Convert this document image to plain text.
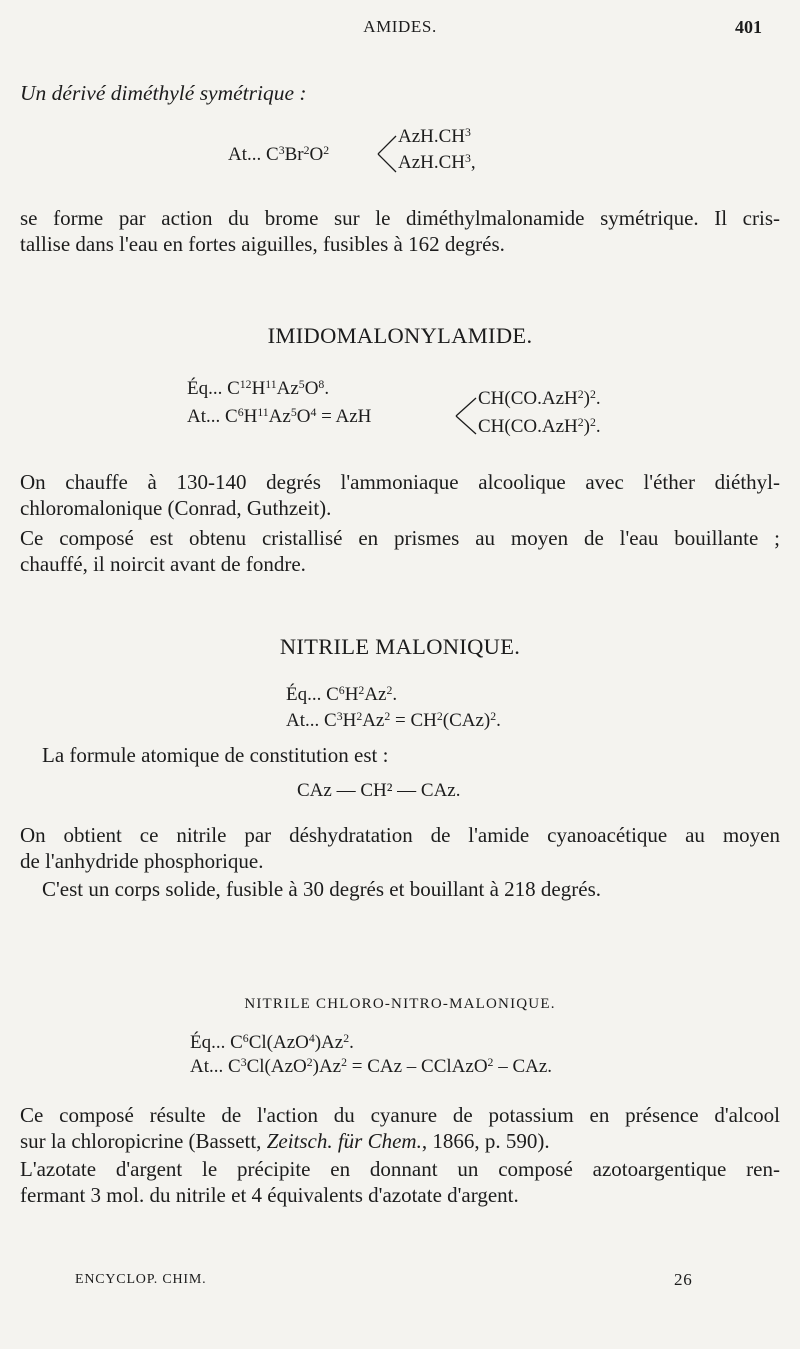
AMIDES.	401
Un dérivé diméthylé symétrique :
At... $C^3Br^2O^2$
$AzH.CH^3$
$AzH.CH^3$,
se forme par action du brome sur le diméthylmalonamide symétrique. Il cris-
tallise dans l'eau en fortes aiguilles, fusibles à 162 degrés.
IMIDOMALONYLAMIDE.
Éq... $C^{12}H^{11}Az^5O^8$.
At... $C^6H^{11}Az^5O^4$ = AzH
$CH(CO.AzH^2)^2$.
$CH(CO.AzH^2)^2$.
On chauffe à 130-140 degrés l'ammoniaque alcoolique avec l'éther diéthyl-
chloromalonique (Conrad, Guthzeit).
Ce composé est obtenu cristallisé en prismes au moyen de l'eau bouillante ;
chauffé, il noircit avant de fondre.
NITRILE MALONIQUE.
Éq... $C^6H^2Az^2$.
At... $C^3H^2Az^2 = CH^2(CAz)^2$.
La formule atomique de constitution est :
CAz — CH² — CAz.
On obtient ce nitrile par déshydratation de l'amide cyanoacétique au moyen
de l'anhydride phosphorique.
C'est un corps solide, fusible à 30 degrés et bouillant à 218 degrés.
NITRILE CHLORO-NITRO-MALONIQUE.
Éq... $C^6Cl(AzO^4)Az^2$.
At... $C^3Cl(AzO^2)Az^2$ = CAz – CClAzO$^2$ – CAz.
Ce composé résulte de l'action du cyanure de potassium en présence d'alcool
sur la chloropicrine (Bassett, Zeitsch. für Chem., 1866, p. 590).
L'azotate d'argent le précipite en donnant un composé azotoargentique ren-
fermant 3 mol. du nitrile et 4 équivalents d'azotate d'argent.
ENCYCLOP. CHIM.	26
